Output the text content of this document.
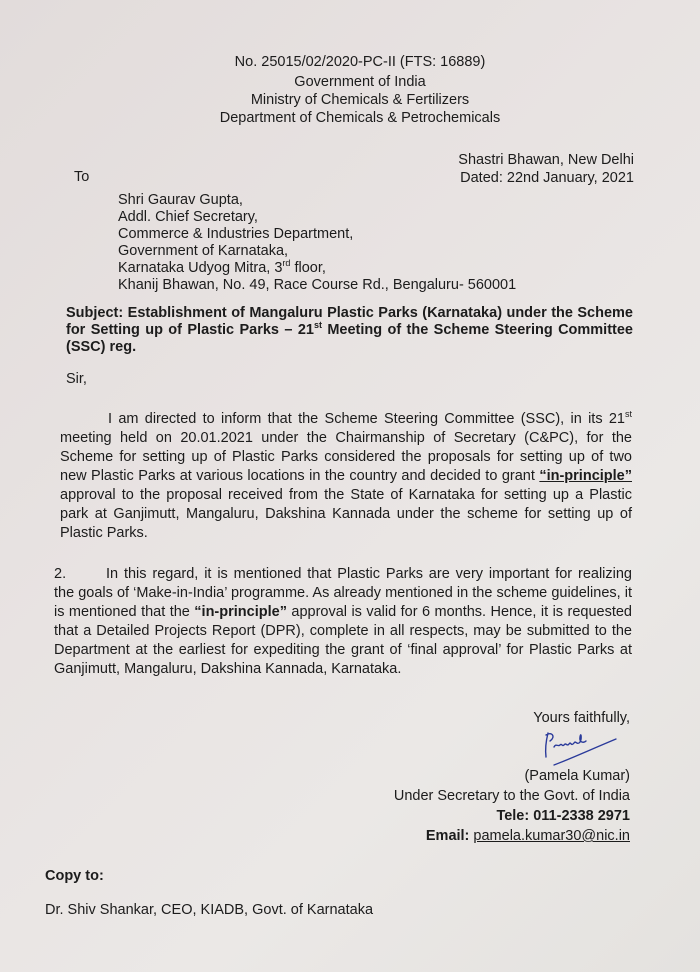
No. 25015/02/2020-PC-II (FTS: 16889)
Government of India
Ministry of Chemicals & Fertilizers
Department of Chemicals & Petrochemicals
Shastri Bhawan, New Delhi
Dated: 22nd January, 2021
To
Shri Gaurav Gupta,
Addl. Chief Secretary,
Commerce & Industries Department,
Government of Karnataka,
Karnataka Udyog Mitra, 3rd floor,
Khanij Bhawan, No. 49, Race Course Rd., Bengaluru- 560001
Subject: Establishment of Mangaluru Plastic Parks (Karnataka) under the Scheme for Setting up of Plastic Parks – 21st Meeting of the Scheme Steering Committee (SSC) reg.
Sir,
I am directed to inform that the Scheme Steering Committee (SSC), in its 21st meeting held on 20.01.2021 under the Chairmanship of Secretary (C&PC), for the Scheme for setting up of Plastic Parks considered the proposals for setting up of two new Plastic Parks at various locations in the country and decided to grant “in-principle” approval to the proposal received from the State of Karnataka for setting up a Plastic park at Ganjimutt, Mangaluru, Dakshina Kannada under the scheme for setting up of Plastic Parks.
2.	In this regard, it is mentioned that Plastic Parks are very important for realizing the goals of ‘Make-in-India’ programme. As already mentioned in the scheme guidelines, it is mentioned that the “in-principle” approval is valid for 6 months. Hence, it is requested that a Detailed Projects Report (DPR), complete in all respects, may be submitted to the Department at the earliest for expediting the grant of ‘final approval’ for Plastic Parks at Ganjimutt, Mangaluru, Dakshina Kannada, Karnataka.
Yours faithfully,
(Pamela Kumar)
Under Secretary to the Govt. of India
Tele: 011-2338 2971
Email: pamela.kumar30@nic.in
Copy to:
Dr. Shiv Shankar, CEO, KIADB, Govt. of Karnataka
